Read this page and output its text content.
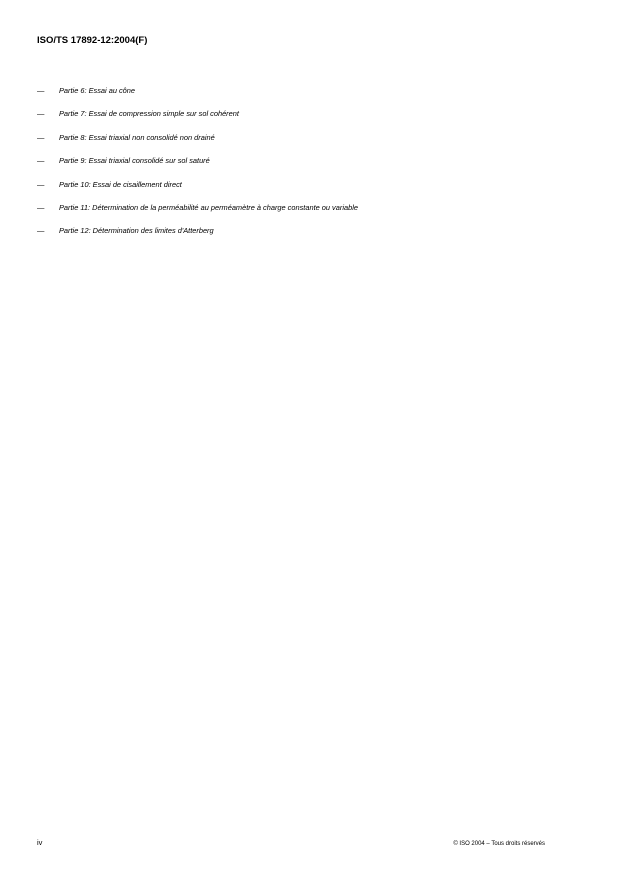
ISO/TS 17892-12:2004(F)
—	Partie 6: Essai au cône
—	Partie 7: Essai de compression simple sur sol cohérent
—	Partie 8: Essai triaxial non consolidé non drainé
—	Partie 9: Essai triaxial consolidé sur sol saturé
—	Partie 10: Essai de cisaillement direct
—	Partie 11: Détermination de la perméabilité au perméamètre à charge constante ou variable
—	Partie 12: Détermination des limites d'Atterberg
iv	© ISO 2004 – Tous droits réservés
